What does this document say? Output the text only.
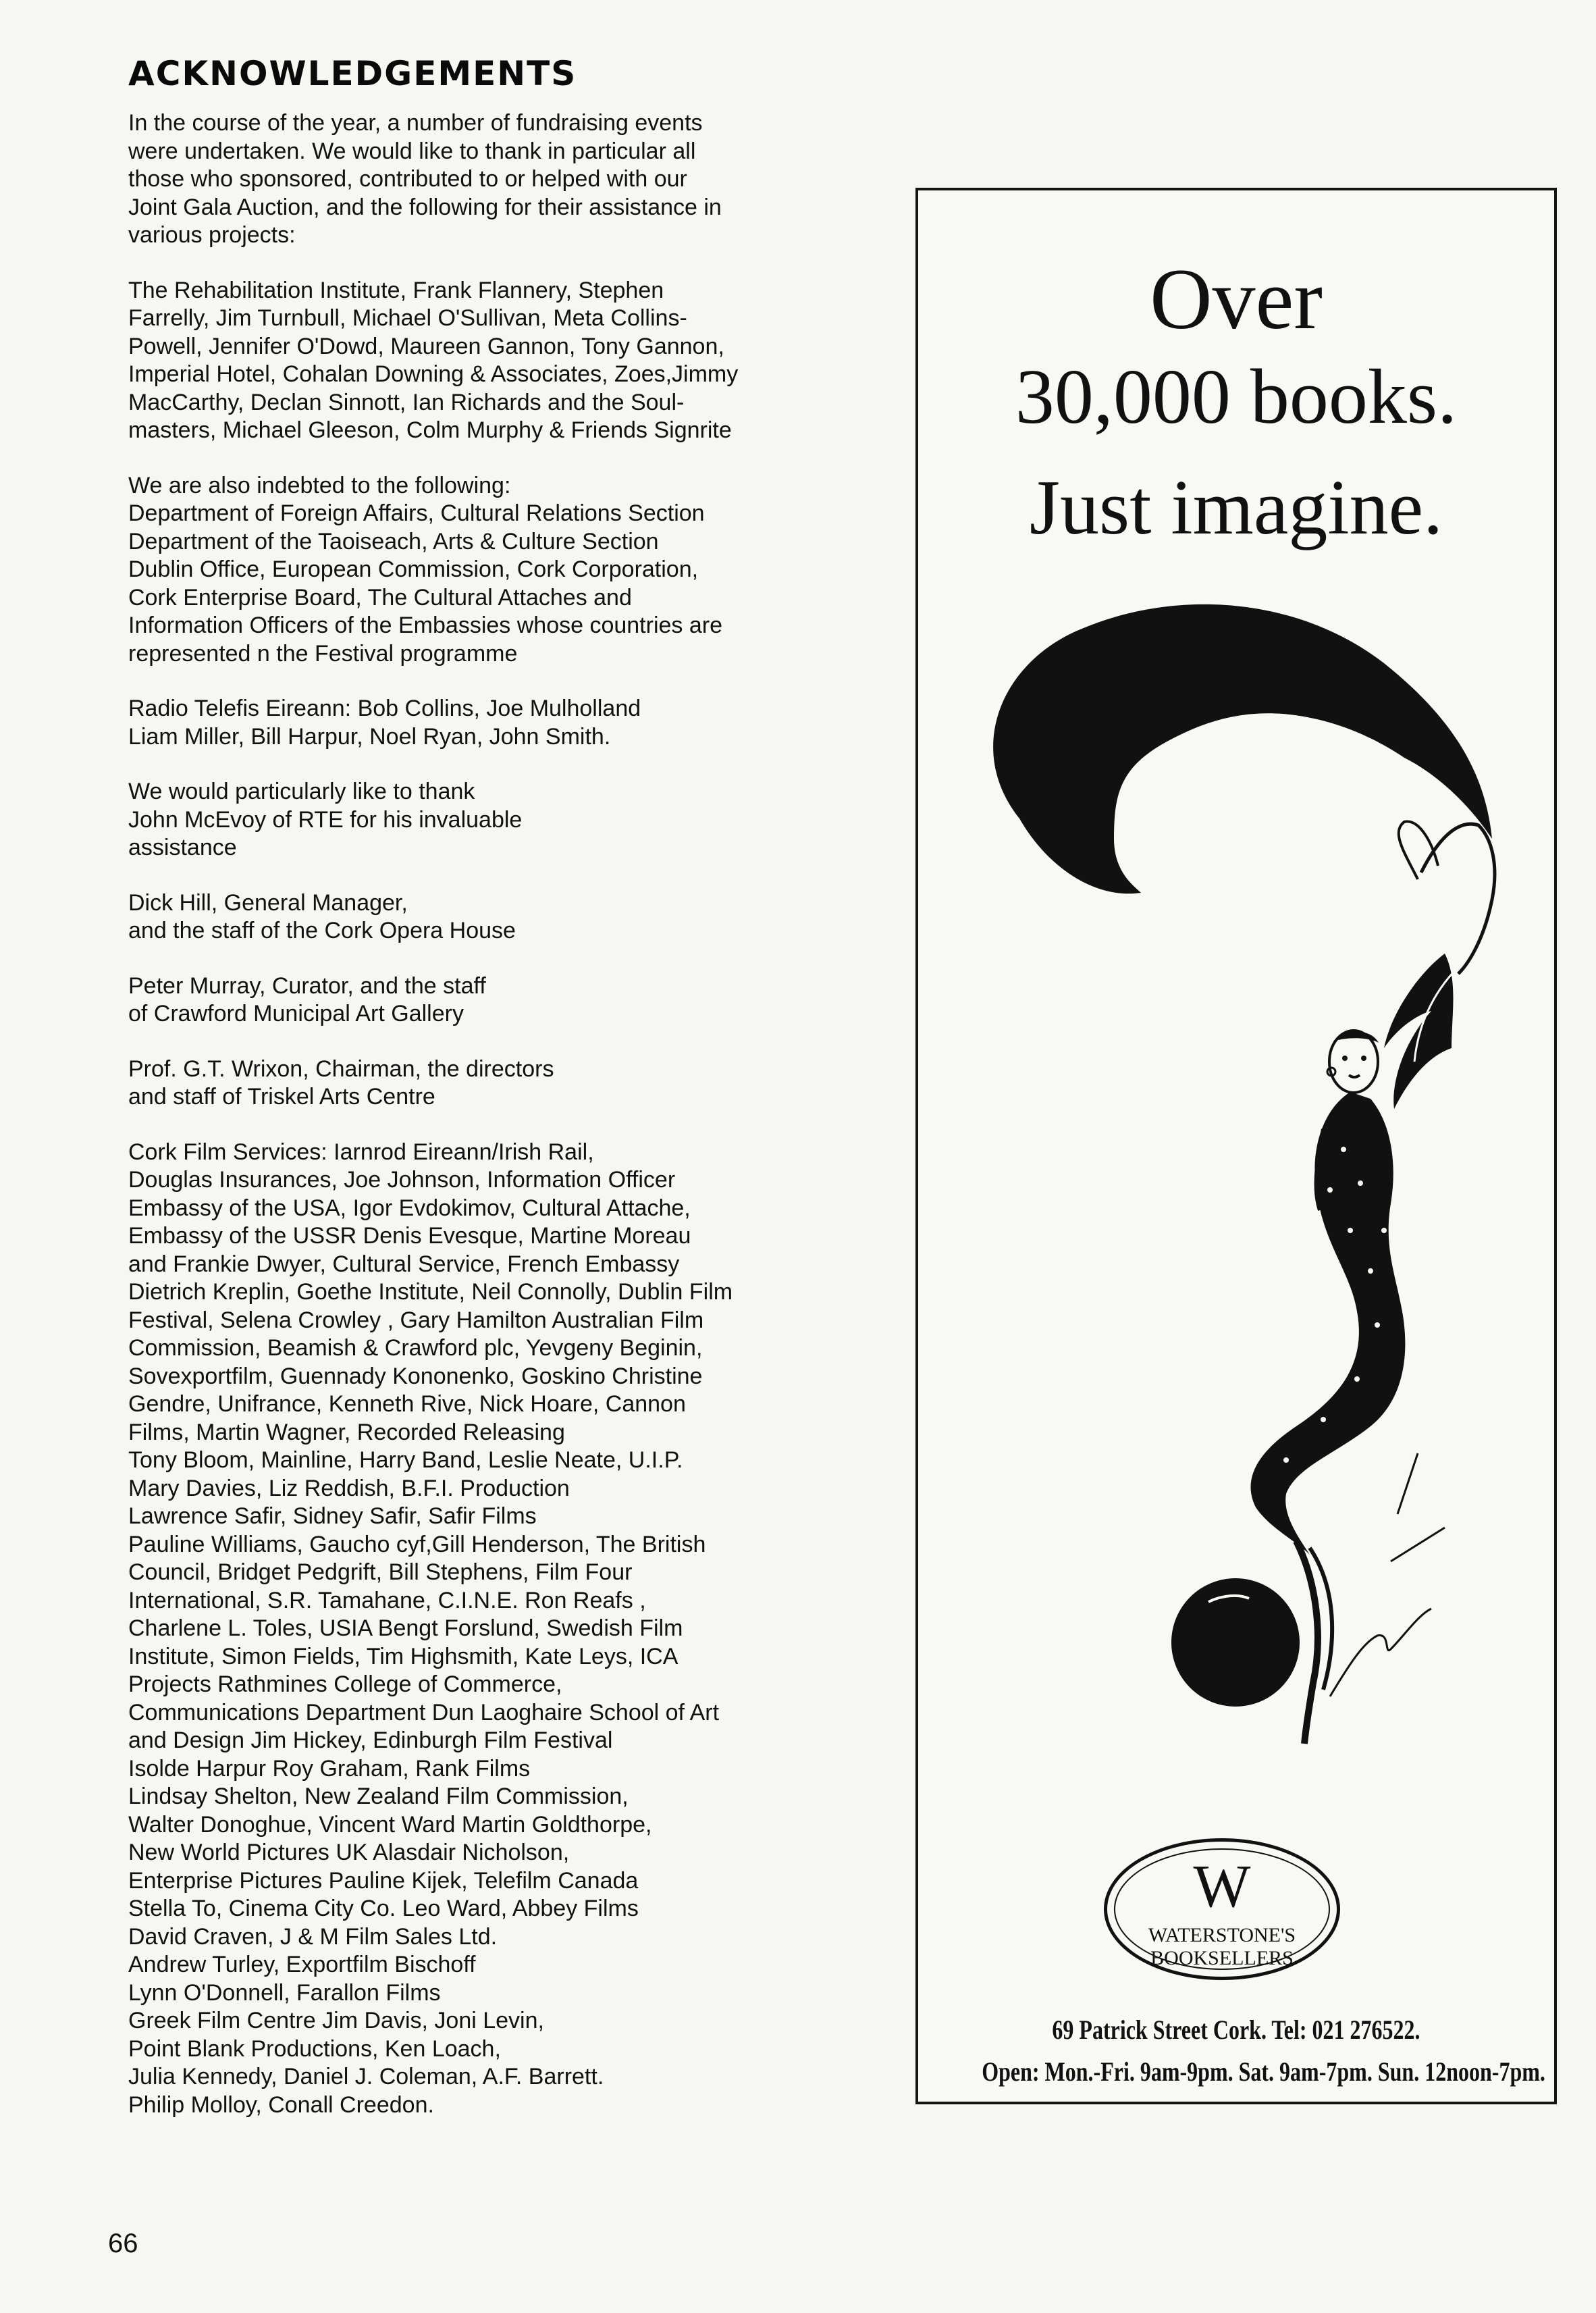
ACKNOWLEDGEMENTS

In the course of the year, a number of fundraising events
were undertaken. We would like to thank in particular all
those who sponsored, contributed to or helped with our
Joint Gala Auction, and the following for their assistance in
various projects:

The Rehabilitation Institute, Frank Flannery, Stephen
Farrelly, Jim Turnbull, Michael O'Sullivan, Meta Collins-
Powell, Jennifer O'Dowd, Maureen Gannon, Tony Gannon,
Imperial Hotel, Cohalan Downing & Associates, Zoes,Jimmy
MacCarthy, Declan Sinnott, Ian Richards and the Soul-
masters, Michael Gleeson, Colm Murphy & Friends Signrite

We are also indebted to the following:
Department of Foreign Affairs, Cultural Relations Section
Department of the Taoiseach, Arts & Culture Section
Dublin Office, European Commission, Cork Corporation,
Cork Enterprise Board, The Cultural Attaches and
Information Officers of the Embassies whose countries are
represented n the Festival programme

Radio Telefis Eireann: Bob Collins, Joe Mulholland
Liam Miller, Bill Harpur, Noel Ryan, John Smith.

We would particularly like to thank
John McEvoy of RTE for his invaluable
assistance

Dick Hill, General Manager,
and the staff of the Cork Opera House

Peter Murray, Curator, and the staff
of Crawford Municipal Art Gallery

Prof. G.T. Wrixon, Chairman, the directors
and staff of Triskel Arts Centre

Cork Film Services: Iarnrod Eireann/Irish Rail,
Douglas Insurances, Joe Johnson, Information Officer
Embassy of the USA, Igor Evdokimov, Cultural Attache,
Embassy of the USSR Denis Evesque, Martine Moreau
and Frankie Dwyer, Cultural Service, French Embassy
Dietrich Kreplin, Goethe Institute, Neil Connolly, Dublin Film
Festival, Selena Crowley , Gary Hamilton Australian Film
Commission, Beamish & Crawford plc, Yevgeny Beginin,
Sovexportfilm, Guennady Kononenko, Goskino Christine
Gendre, Unifrance, Kenneth Rive, Nick Hoare, Cannon
Films, Martin Wagner, Recorded Releasing
Tony Bloom, Mainline, Harry Band, Leslie Neate, U.I.P.
Mary Davies, Liz Reddish, B.F.I. Production
Lawrence Safir, Sidney Safir, Safir Films
Pauline Williams, Gaucho cyf,Gill Henderson, The British
Council, Bridget Pedgrift, Bill Stephens, Film Four
International, S.R. Tamahane, C.I.N.E. Ron Reafs ,
Charlene L. Toles, USIA Bengt Forslund, Swedish Film
Institute, Simon Fields, Tim Highsmith, Kate Leys, ICA
Projects Rathmines College of Commerce,
Communications Department Dun Laoghaire School of Art
and Design Jim Hickey, Edinburgh Film Festival
Isolde Harpur Roy Graham, Rank Films
Lindsay Shelton, New Zealand Film Commission,
Walter Donoghue, Vincent Ward Martin Goldthorpe,
New World Pictures UK Alasdair Nicholson,
Enterprise Pictures Pauline Kijek, Telefilm Canada
Stella To, Cinema City Co. Leo Ward, Abbey Films
David Craven, J & M Film Sales Ltd.
Andrew Turley, Exportfilm Bischoff
Lynn O'Donnell, Farallon Films
Greek Film Centre Jim Davis, Joni Levin,
Point Blank Productions, Ken Loach,
Julia Kennedy, Daniel J. Coleman, A.F. Barrett.
Philip Molloy, Conall Creedon.

Over
30,000 books.
Just imagine.
W
WATERSTONE'S
BOOKSELLERS
69 Patrick Street Cork. Tel: 021 276522.
Open: Mon.-Fri. 9am-9pm. Sat. 9am-7pm. Sun. 12noon-7pm.
66
